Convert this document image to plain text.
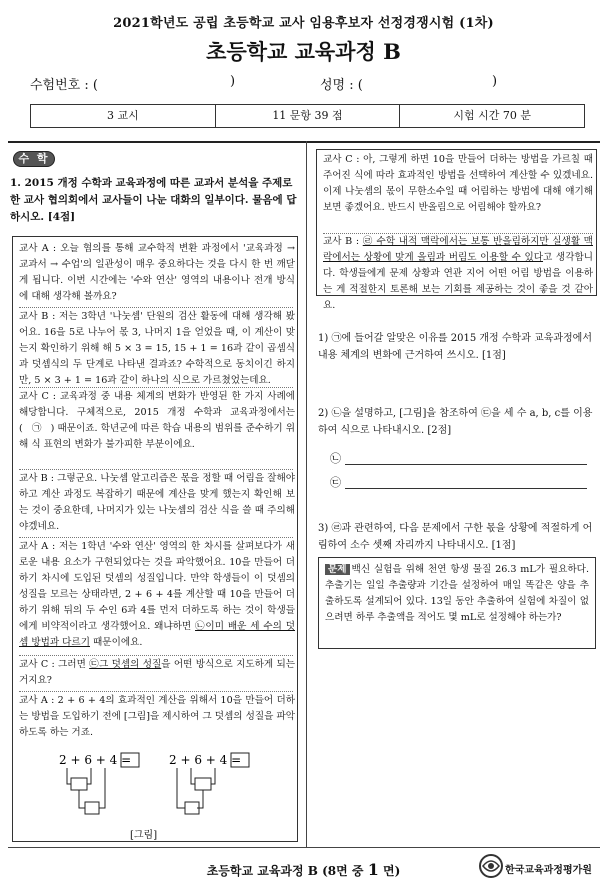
2021학년도 공립 초등학교 교사 임용후보자 선정경쟁시험 (1차)
초등학교 교육과정 B
수험번호 : (	)	성명 : (	)
3 교시	11 문항 39 점	시험 시간 70 분
수 학
1. 2015 개정 수학과 교육과정에 따른 교과서 분석을 주제로 한 교사 협의회에서 교사들이 나눈 대화의 일부이다. 물음에 답하시오. [4점]
교사 A : 오늘 협의를 통해 교수학적 변환 과정에서 '교육과정 → 교과서 → 수업'의 일관성이 매우 중요하다는 것을 다시 한 번 깨닫게 됩니다. 이번 시간에는 '수와 연산' 영역의 내용이나 전개 방식에 대해 생각해 볼까요?
교사 B : 저는 3학년 '나눗셈' 단원의 검산 활동에 대해 생각해 봤어요. 16을 5로 나누어 몫 3, 나머지 1을 얻었을 때, 이 계산이 맞는지 확인하기 위해 해 5 × 3 = 15, 15 + 1 = 16과 같이 곱셈식과 덧셈식의 두 단계로 나타낸 결과죠? 수학적으로 동치이긴 하지만, 5 × 3 + 1 = 16과 같이 하나의 식으로 가르쳤었는데요.
교사 C : 교육과정 중 내용 체계의 변화가 반영된 한 가지 사례에 해당합니다. 구체적으로, 2015 개정 수학과 교육과정에서는 ( ㉠ ) 때문이죠. 학년군에 따른 학습 내용의 범위를 준수하기 위해 식 표현의 변화가 불가피한 부분이에요.
교사 B : 그렇군요. 나눗셈 알고리즘은 몫을 정할 때 어림을 잘해야 하고 계산 과정도 복잡하기 때문에 계산을 맞게 했는지 확인해 보는 것이 중요한데, 나머지가 있는 나눗셈의 검산 식을 쓸 때 주의해야겠네요.
교사 A : 저는 1학년 '수와 연산' 영역의 한 차시를 살펴보다가 새로운 내용 요소가 구현되었다는 것을 파악했어요. 10을 만들어 더하기 차시에 도입된 덧셈의 성질입니다. 만약 학생들이 이 덧셈의 성질을 모르는 상태라면, 2 + 6 + 4를 계산할 때 10을 만들어 더하기 위해 뒤의 두 수인 6과 4를 먼저 더하도록 하는 것이 학생들에게 비약적이라고 생각했어요. 왜냐하면 ㉡이미 배운 세 수의 덧셈 방법과 다르기 때문이에요.
교사 C : 그러면 ㉢그 덧셈의 성질을 어떤 방식으로 지도하게 되는 거지요?
교사 A : 2 + 6 + 4의 효과적인 계산을 위해서 10을 만들어 더하는 방법을 도입하기 전에 [그림]을 제시하여 그 덧셈의 성질을 파악하도록 하는 거죠.
2 + 6 + 4 =	2 + 6 + 4 =
[그림]
교사 C : 아, 그렇게 하면 10을 만들어 더하는 방법을 가르칠 때 주어진 식에 따라 효과적인 방법을 선택하여 계산할 수 있겠네요. 이제 나눗셈의 몫이 무한소수일 때 어림하는 방법에 대해 얘기해 보면 좋겠어요. 반드시 반올림으로 어림해야 할까요?
교사 B : ㉣ 수학 내적 맥락에서는 보통 반올림하지만 실생활 맥락에서는 상황에 맞게 올림과 버림도 이용할 수 있다고 생각합니다. 학생들에게 문제 상황과 연관 지어 어떤 어림 방법을 이용하는 게 적절한지 토론해 보는 기회를 제공하는 것이 좋을 것 같아요.
1) ㉠에 들어갈 알맞은 이유를 2015 개정 수학과 교육과정에서 내용 체계의 변화에 근거하여 쓰시오. [1점]
2) ㉡을 설명하고, [그림]을 참조하여 ㉢을 세 수 a, b, c를 이용하여 식으로 나타내시오. [2점]
㉡
㉢
3) ㉣과 관련하여, 다음 문제에서 구한 몫을 상황에 적절하게 어림하여 소수 셋째 자리까지 나타내시오. [1점]
문제 백신 실험을 위해 천연 항생 물질 26.3 mL가 필요하다. 추출기는 일일 추출량과 기간을 설정하여 매일 똑같은 양을 추출하도록 설계되어 있다. 13일 동안 추출하여 실험에 차질이 없으려면 하루 추출액을 적어도 몇 mL로 설정해야 하는가?
초등학교 교육과정 B (8면 중 1 면)	한국교육과정평가원
